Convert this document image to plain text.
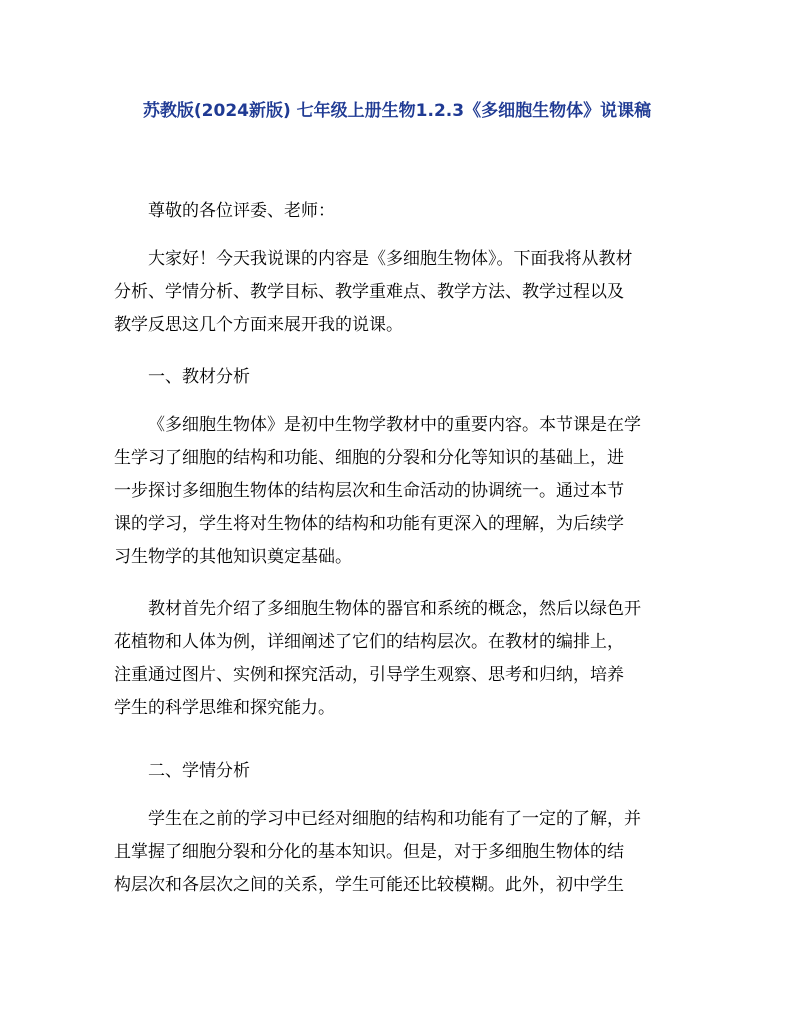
苏教版(2024新版) 七年级上册生物1.2.3《多细胞生物体》说课稿
尊敬的各位评委、老师：
大家好！今天我说课的内容是《多细胞生物体》。下面我将从教材
分析、学情分析、教学目标、教学重难点、教学方法、教学过程以及
教学反思这几个方面来展开我的说课。
一、教材分析
《多细胞生物体》是初中生物学教材中的重要内容。本节课是在学
生学习了细胞的结构和功能、细胞的分裂和分化等知识的基础上，进
一步探讨多细胞生物体的结构层次和生命活动的协调统一。通过本节
课的学习，学生将对生物体的结构和功能有更深入的理解，为后续学
习生物学的其他知识奠定基础。
教材首先介绍了多细胞生物体的器官和系统的概念，然后以绿色开
花植物和人体为例，详细阐述了它们的结构层次。在教材的编排上，
注重通过图片、实例和探究活动，引导学生观察、思考和归纳，培养
学生的科学思维和探究能力。
二、学情分析
学生在之前的学习中已经对细胞的结构和功能有了一定的了解，并
且掌握了细胞分裂和分化的基本知识。但是，对于多细胞生物体的结
构层次和各层次之间的关系，学生可能还比较模糊。此外，初中学生
